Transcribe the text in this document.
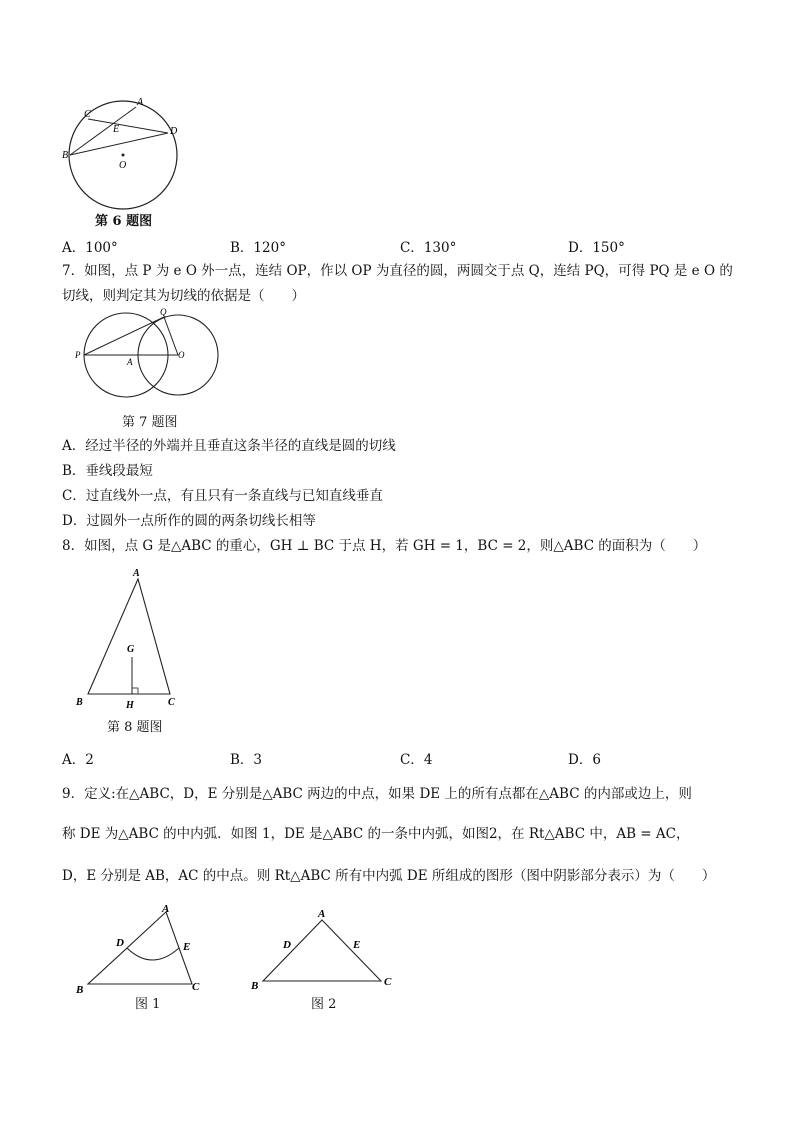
C
A
E	D
B
O
第 6 题图
A．100°	B．120°	C．130°	D．150°
7．如图，点 P 为 e O 外一点，连结 OP，作以 OP 为直径的圆，两圆交于点 Q，连结 PQ，可得 PQ 是 e O 的
切线，则判定其为切线的依据是（　　）
Q
P
A
O
第 7 题图
A．经过半径的外端并且垂直这条半径的直线是圆的切线
B．垂线段最短
C．过直线外一点，有且只有一条直线与已知直线垂直
D．过圆外一点所作的圆的两条切线长相等
8．如图，点 G 是△ABC 的重心，GH ⊥ BC 于点 H，若 GH = 1，BC = 2，则△ABC 的面积为（　　）
A
G
B	H	C
第 8 题图
A．2	B．3	C．4	D．6
9．定义:在△ABC，D，E 分别是△ABC 两边的中点，如果 DE 上的所有点都在△ABC 的内部或边上，则
称 DE 为△ABC 的中内弧．如图 1，DE 是△ABC 的一条中内弧，如图2，在 Rt△ABC 中，AB = AC，
D，E 分别是 AB，AC 的中点。则 Rt△ABC 所有中内弧 DE 所组成的图形（图中阴影部分表示）为（　　）
A
D	E
B	C
图 1
A
D	E
B	C
图 2
